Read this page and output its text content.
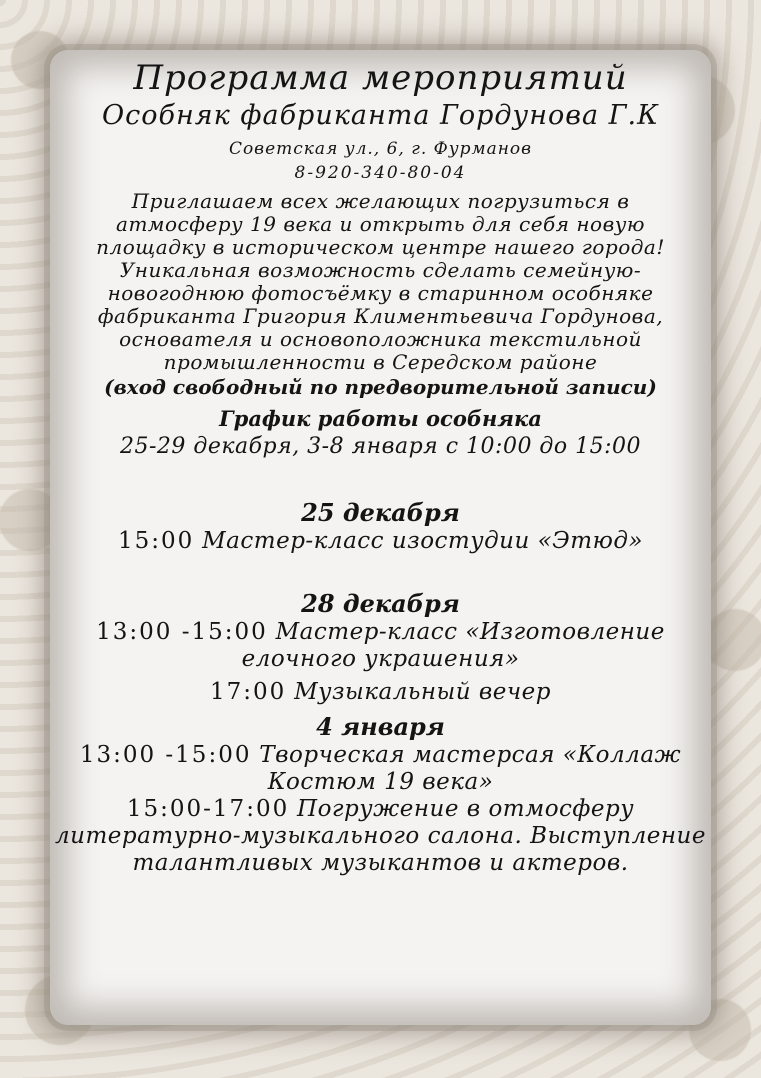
Программа мероприятий

Особняк фабриканта Гордунова Г.К

Советская ул., 6, г. Фурманов

8-920-340-80-04

Приглашаем всех желающих погрузиться в атмосферу 19 века и открыть для себя новую площадку в историческом центре нашего города! Уникальная возможность сделать семейную-новогоднюю фотосъёмку в старинном особняке фабриканта Григория Климентьевича Гордунова, основателя и основоположника текстильной промышленности в Середском районе

(вход свободный по предворительной записи)

График работы особняка

25-29 декабря, 3-8 января с 10:00 до 15:00

25 декабря

15:00 Мастер-класс изостудии «Этюд»

28 декабря

13:00 -15:00 Мастер-класс «Изготовление елочного украшения»

17:00 Музыкальный вечер

4 января

13:00 -15:00 Творческая мастерсая «Коллаж Костюм 19 века»

15:00-17:00 Погружение в отмосферу литературно-музыкального салона. Выступление талантливых музыкантов и актеров.
